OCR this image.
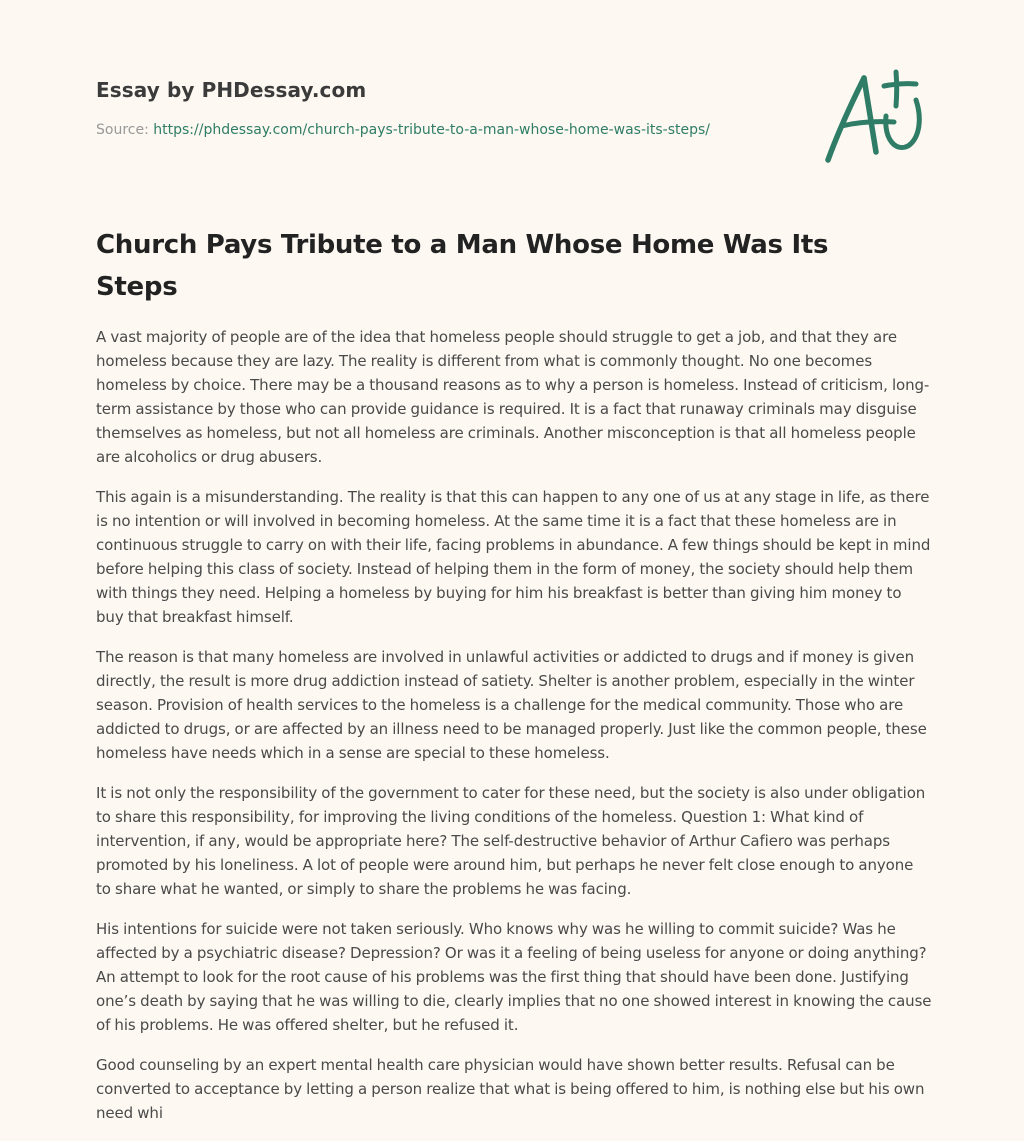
Essay by PHDessay.com
Source: https://phdessay.com/church-pays-tribute-to-a-man-whose-home-was-its-steps/
Church Pays Tribute to a Man Whose Home Was Its Steps

A vast majority of people are of the idea that homeless people should struggle to get a job, and that they are homeless because they are lazy. The reality is different from what is commonly thought. No one becomes homeless by choice. There may be a thousand reasons as to why a person is homeless. Instead of criticism, long-term assistance by those who can provide guidance is required. It is a fact that runaway criminals may disguise themselves as homeless, but not all homeless are criminals. Another misconception is that all homeless people are alcoholics or drug abusers.

This again is a misunderstanding. The reality is that this can happen to any one of us at any stage in life, as there is no intention or will involved in becoming homeless. At the same time it is a fact that these homeless are in continuous struggle to carry on with their life, facing problems in abundance. A few things should be kept in mind before helping this class of society. Instead of helping them in the form of money, the society should help them with things they need. Helping a homeless by buying for him his breakfast is better than giving him money to buy that breakfast himself.

The reason is that many homeless are involved in unlawful activities or addicted to drugs and if money is given directly, the result is more drug addiction instead of satiety. Shelter is another problem, especially in the winter season. Provision of health services to the homeless is a challenge for the medical community. Those who are addicted to drugs, or are affected by an illness need to be managed properly. Just like the common people, these homeless have needs which in a sense are special to these homeless.

It is not only the responsibility of the government to cater for these need, but the society is also under obligation to share this responsibility, for improving the living conditions of the homeless. Question 1: What kind of intervention, if any, would be appropriate here? The self-destructive behavior of Arthur Cafiero was perhaps promoted by his loneliness. A lot of people were around him, but perhaps he never felt close enough to anyone to share what he wanted, or simply to share the problems he was facing.

His intentions for suicide were not taken seriously. Who knows why was he willing to commit suicide? Was he affected by a psychiatric disease? Depression? Or was it a feeling of being useless for anyone or doing anything? An attempt to look for the root cause of his problems was the first thing that should have been done. Justifying one’s death by saying that he was willing to die, clearly implies that no one showed interest in knowing the cause of his problems. He was offered shelter, but he refused it.

Good counseling by an expert mental health care physician would have shown better results. Refusal can be converted to acceptance by letting a person realize that what is being offered to him, is nothing else but his own need whi
